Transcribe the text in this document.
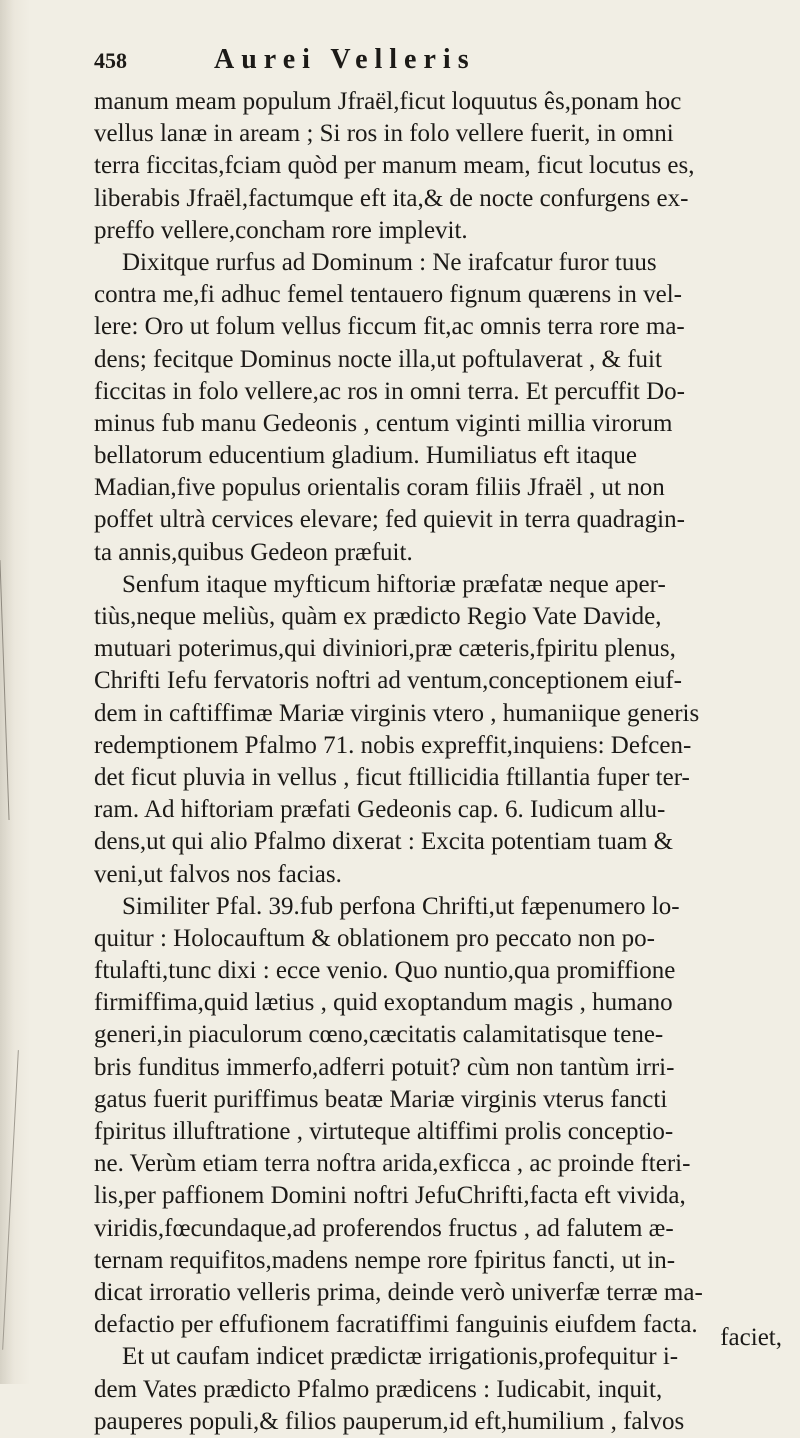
458	Aurei Velleris
manum meam populum Jfraël,ficut loquutus ês,ponam hoc
vellus lanæ in aream ; Si ros in folo vellere fuerit, in omni
terra ficcitas,fciam quòd per manum meam, ficut locutus es,
liberabis Jfraël,factumque eft ita,& de nocte confurgens ex-
preffo vellere,concham rore implevit.
Dixitque rurfus ad Dominum : Ne irafcatur furor tuus
contra me,fi adhuc femel tentauero fignum quærens in vel-
lere: Oro ut folum vellus ficcum fit,ac omnis terra rore ma-
dens; fecitque Dominus nocte illa,ut poftulaverat , & fuit
ficcitas in folo vellere,ac ros in omni terra. Et percuffit Do-
minus fub manu Gedeonis , centum viginti millia virorum
bellatorum educentium gladium. Humiliatus eft itaque
Madian,five populus orientalis coram filiis Jfraël , ut non
poffet ultrà cervices elevare; fed quievit in terra quadragin-
ta annis,quibus Gedeon præfuit.
Senfum itaque myfticum hiftoriæ præfatæ neque aper-
tiùs,neque meliùs, quàm ex prædicto Regio Vate Davide,
mutuari poterimus,qui diviniori,præ cæteris,fpiritu plenus,
Chrifti Iefu fervatoris noftri ad ventum,conceptionem eiuf-
dem in caftiffimæ Mariæ virginis vtero , humaniique generis
redemptionem Pfalmo 71. nobis expreffit,inquiens: Defcen-
det ficut pluvia in vellus , ficut ftillicidia ftillantia fuper ter-
ram. Ad hiftoriam præfati Gedeonis cap. 6. Iudicum allu-
dens,ut qui alio Pfalmo dixerat : Excita potentiam tuam &
veni,ut falvos nos facias.
Similiter Pfal. 39.fub perfona Chrifti,ut fæpenumero lo-
quitur : Holocauftum & oblationem pro peccato non po-
ftulafti,tunc dixi : ecce venio. Quo nuntio,qua promiffione
firmiffima,quid lætius , quid exoptandum magis , humano
generi,in piaculorum cœno,cæcitatis calamitatisque tene-
bris funditus immerfo,adferri potuit? cùm non tantùm irri-
gatus fuerit puriffimus beatæ Mariæ virginis vterus fancti
fpiritus illuftratione , virtuteque altiffimi prolis conceptio-
ne. Verùm etiam terra noftra arida,exficca , ac proinde fteri-
lis,per paffionem Domini noftri JefuChrifti,facta eft vivida,
viridis,fœcundaque,ad proferendos fructus , ad falutem æ-
ternam requifitos,madens nempe rore fpiritus fancti, ut in-
dicat irroratio velleris prima, deinde verò univerfæ terræ ma-
defactio per effufionem facratiffimi fanguinis eiufdem facta.
Et ut caufam indicet prædictæ irrigationis,profequitur i-
dem Vates prædicto Pfalmo prædicens : Iudicabit, inquit,
pauperes populi,& filios pauperum,id eft,humilium , falvos
faciet,
